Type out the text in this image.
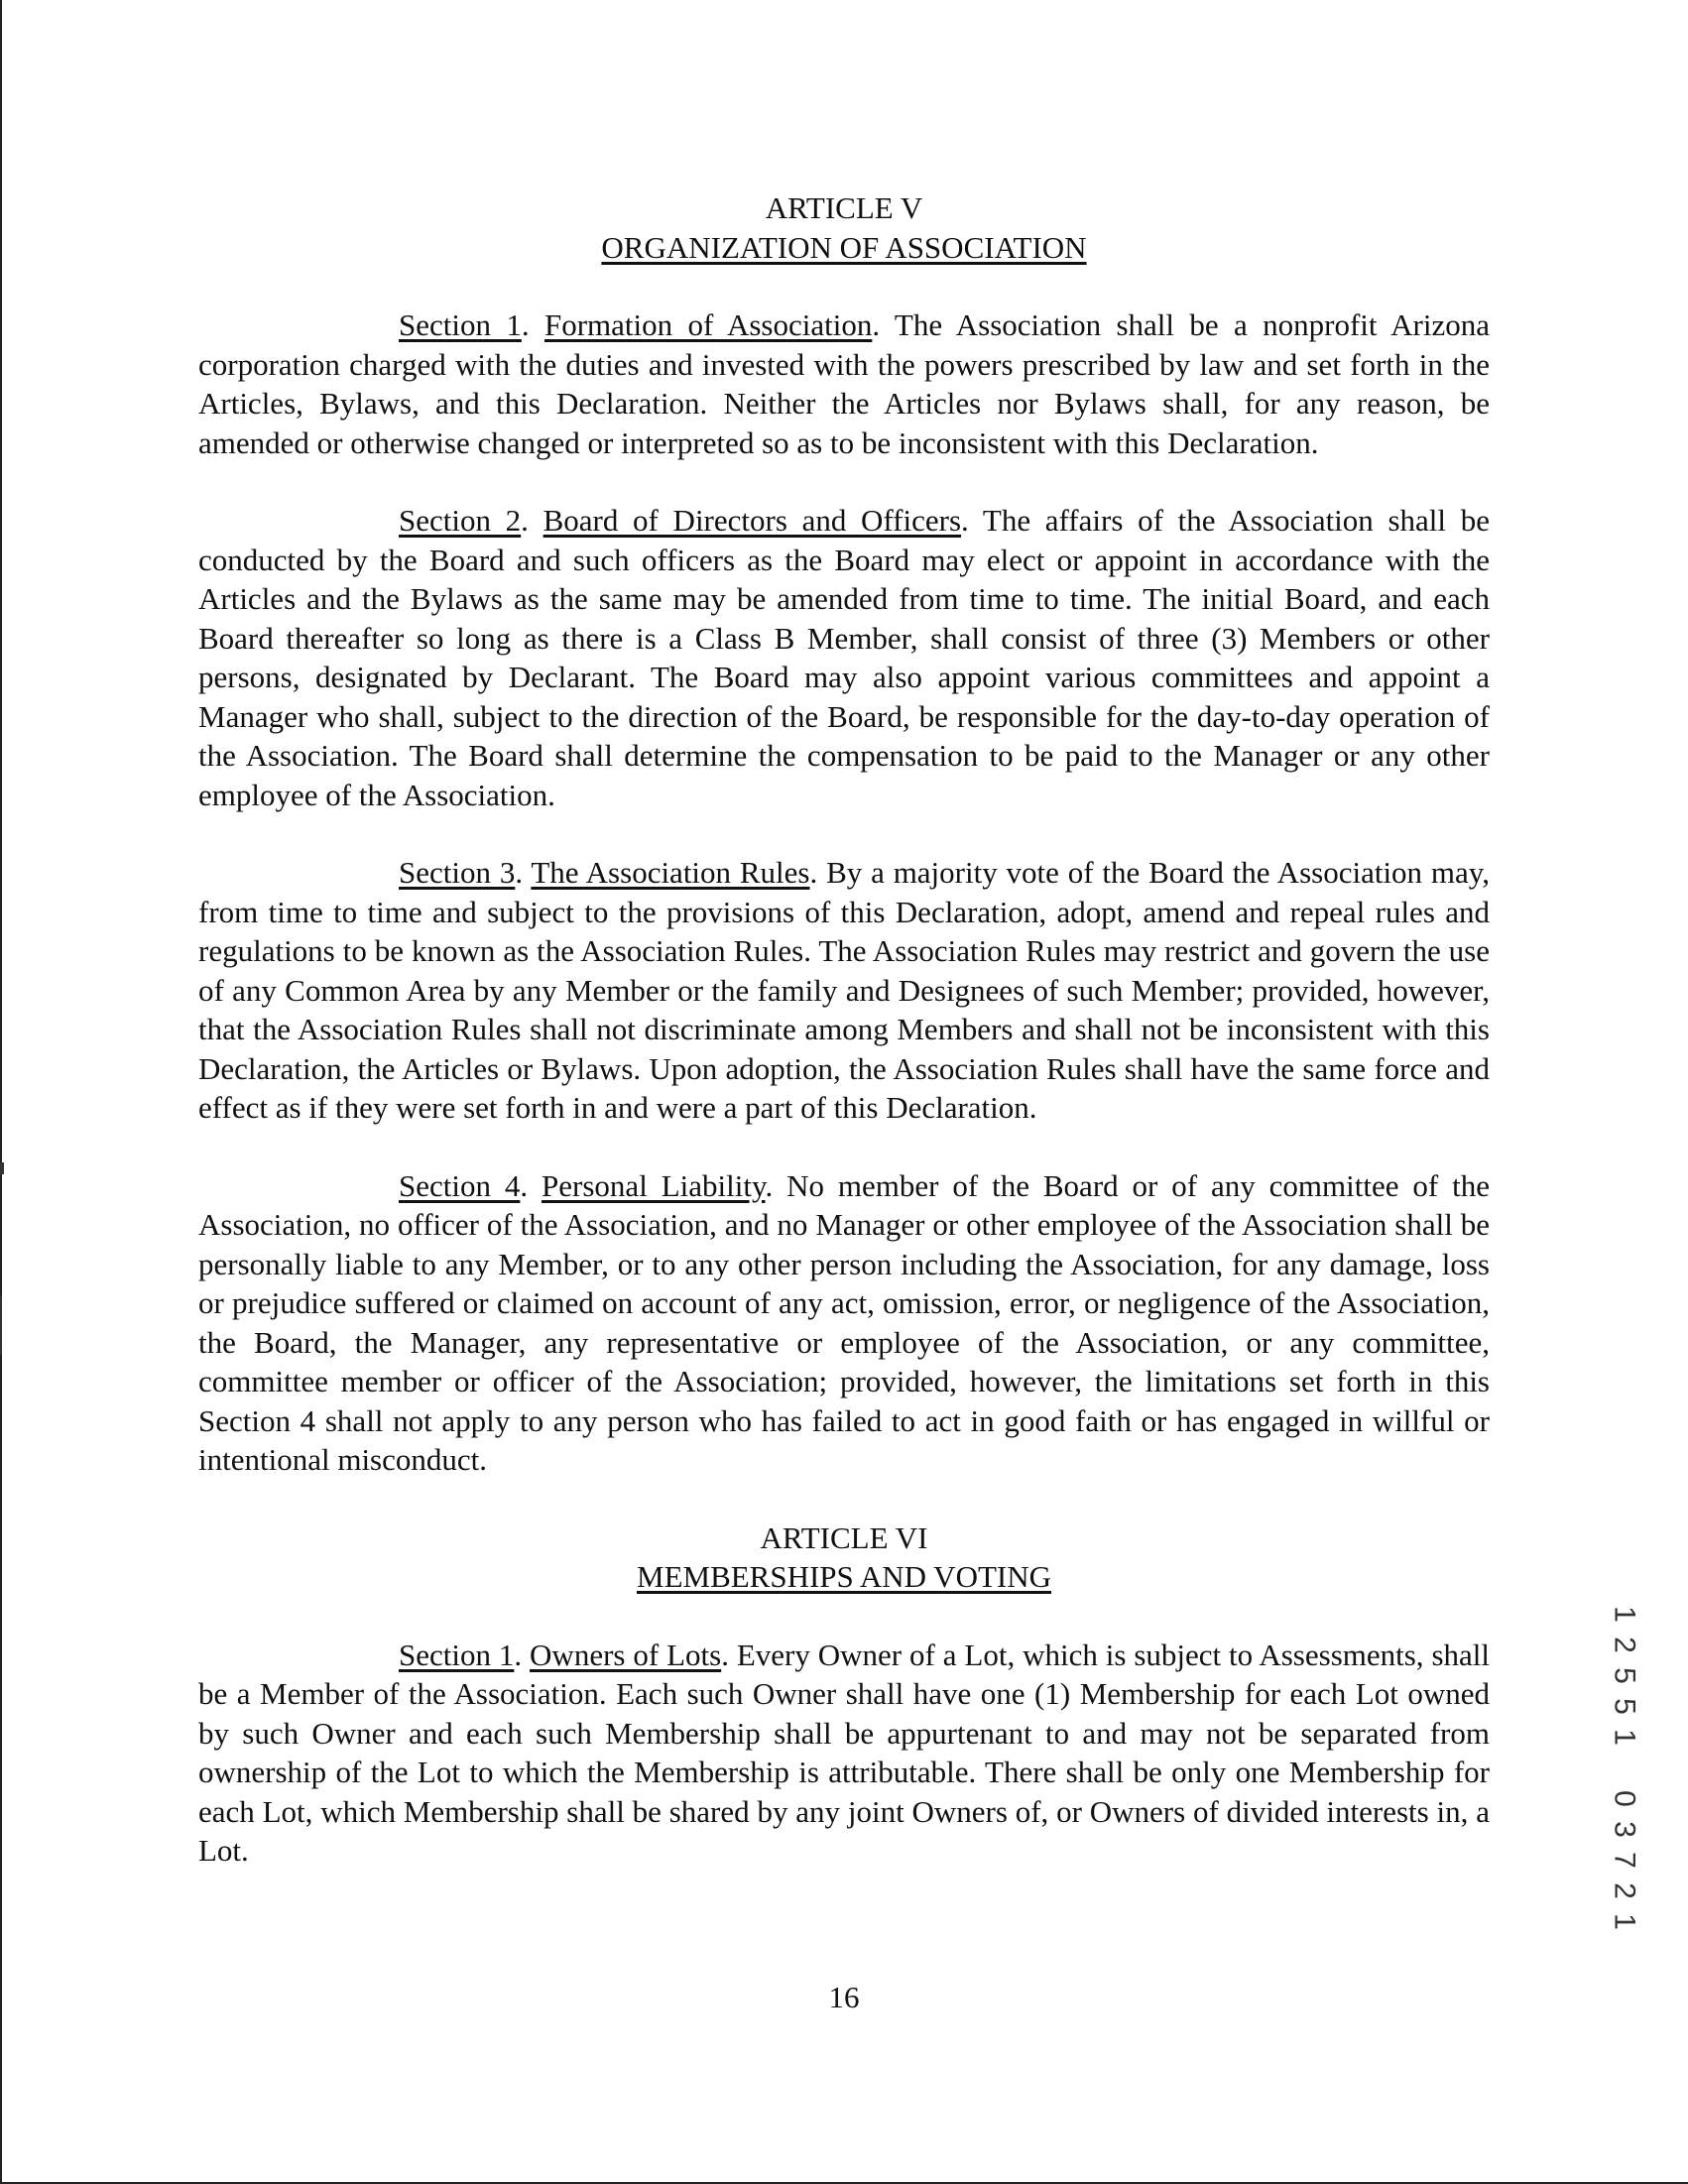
ARTICLE V
ORGANIZATION OF ASSOCIATION

Section 1. Formation of Association. The Association shall be a nonprofit Arizona corporation charged with the duties and invested with the powers prescribed by law and set forth in the Articles, Bylaws, and this Declaration. Neither the Articles nor Bylaws shall, for any reason, be amended or otherwise changed or interpreted so as to be inconsistent with this Declaration.

Section 2. Board of Directors and Officers. The affairs of the Association shall be conducted by the Board and such officers as the Board may elect or appoint in accordance with the Articles and the Bylaws as the same may be amended from time to time. The initial Board, and each Board thereafter so long as there is a Class B Member, shall consist of three (3) Members or other persons, designated by Declarant. The Board may also appoint various committees and appoint a Manager who shall, subject to the direction of the Board, be responsible for the day-to-day operation of the Association. The Board shall determine the compensation to be paid to the Manager or any other employee of the Association.

Section 3. The Association Rules. By a majority vote of the Board the Association may, from time to time and subject to the provisions of this Declaration, adopt, amend and repeal rules and regulations to be known as the Association Rules. The Association Rules may restrict and govern the use of any Common Area by any Member or the family and Designees of such Member; provided, however, that the Association Rules shall not discriminate among Members and shall not be inconsistent with this Declaration, the Articles or Bylaws. Upon adoption, the Association Rules shall have the same force and effect as if they were set forth in and were a part of this Declaration.

Section 4. Personal Liability. No member of the Board or of any committee of the Association, no officer of the Association, and no Manager or other employee of the Association shall be personally liable to any Member, or to any other person including the Association, for any damage, loss or prejudice suffered or claimed on account of any act, omission, error, or negligence of the Association, the Board, the Manager, any representative or employee of the Association, or any committee, committee member or officer of the Association; provided, however, the limitations set forth in this Section 4 shall not apply to any person who has failed to act in good faith or has engaged in willful or intentional misconduct.

ARTICLE VI
MEMBERSHIPS AND VOTING

Section 1. Owners of Lots. Every Owner of a Lot, which is subject to Assessments, shall be a Member of the Association. Each such Owner shall have one (1) Membership for each Lot owned by such Owner and each such Membership shall be appurtenant to and may not be separated from ownership of the Lot to which the Membership is attributable. There shall be only one Membership for each Lot, which Membership shall be shared by any joint Owners of, or Owners of divided interests in, a Lot.

16
1
2
5
5
1
0
3
7
2
1
